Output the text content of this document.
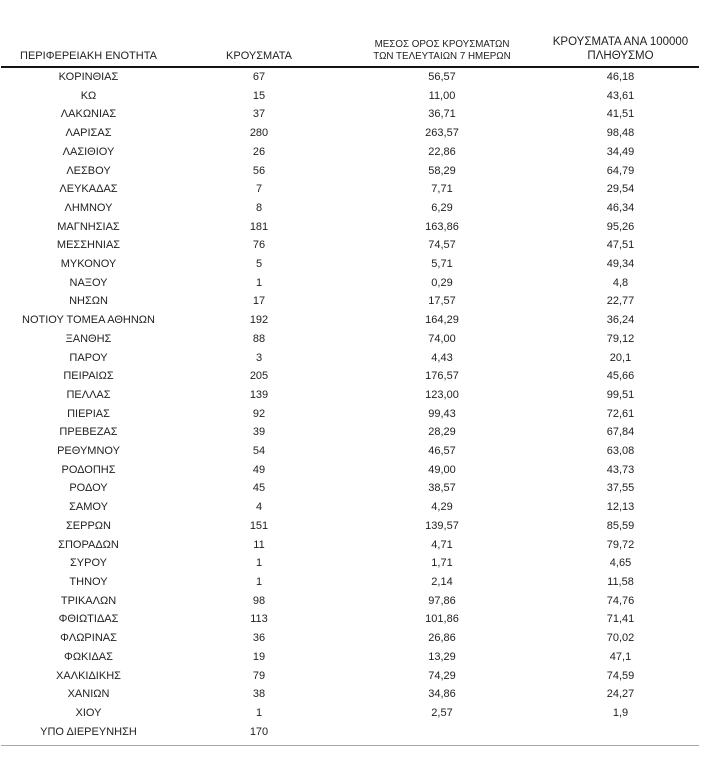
ΠΕΡΙΦΕΡΕΙΑΚΗ ΕΝΟΤΗΤΑ	ΚΡΟΥΣΜΑΤΑ	ΜΕΣΟΣ ΟΡΟΣ ΚΡΟΥΣΜΑΤΩΝ
ΤΩΝ ΤΕΛΕΥΤΑΙΩΝ 7 ΗΜΕΡΩΝ	ΚΡΟΥΣΜΑΤΑ ΑΝΑ 100000
ΠΛΗΘΥΣΜΟ

ΚΟΡΙΝΘΙΑΣ	67	56,57	46,18
ΚΩ	15	11,00	43,61
ΛΑΚΩΝΙΑΣ	37	36,71	41,51
ΛΑΡΙΣΑΣ	280	263,57	98,48
ΛΑΣΙΘΙΟΥ	26	22,86	34,49
ΛΕΣΒΟΥ	56	58,29	64,79
ΛΕΥΚΑΔΑΣ	7	7,71	29,54
ΛΗΜΝΟΥ	8	6,29	46,34
ΜΑΓΝΗΣΙΑΣ	181	163,86	95,26
ΜΕΣΣΗΝΙΑΣ	76	74,57	47,51
ΜΥΚΟΝΟΥ	5	5,71	49,34
ΝΑΞΟΥ	1	0,29	4,8
ΝΗΣΩΝ	17	17,57	22,77
ΝΟΤΙΟΥ ΤΟΜΕΑ ΑΘΗΝΩΝ	192	164,29	36,24
ΞΑΝΘΗΣ	88	74,00	79,12
ΠΑΡΟΥ	3	4,43	20,1
ΠΕΙΡΑΙΩΣ	205	176,57	45,66
ΠΕΛΛΑΣ	139	123,00	99,51
ΠΙΕΡΙΑΣ	92	99,43	72,61
ΠΡΕΒΕΖΑΣ	39	28,29	67,84
ΡΕΘΥΜΝΟΥ	54	46,57	63,08
ΡΟΔΟΠΗΣ	49	49,00	43,73
ΡΟΔΟΥ	45	38,57	37,55
ΣΑΜΟΥ	4	4,29	12,13
ΣΕΡΡΩΝ	151	139,57	85,59
ΣΠΟΡΑΔΩΝ	11	4,71	79,72
ΣΥΡΟΥ	1	1,71	4,65
ΤΗΝΟΥ	1	2,14	11,58
ΤΡΙΚΑΛΩΝ	98	97,86	74,76
ΦΘΙΩΤΙΔΑΣ	113	101,86	71,41
ΦΛΩΡΙΝΑΣ	36	26,86	70,02
ΦΩΚΙΔΑΣ	19	13,29	47,1
ΧΑΛΚΙΔΙΚΗΣ	79	74,29	74,59
ΧΑΝΙΩΝ	38	34,86	24,27
ΧΙΟΥ	1	2,57	1,9
ΥΠΟ ΔΙΕΡΕΥΝΗΣΗ	170		
